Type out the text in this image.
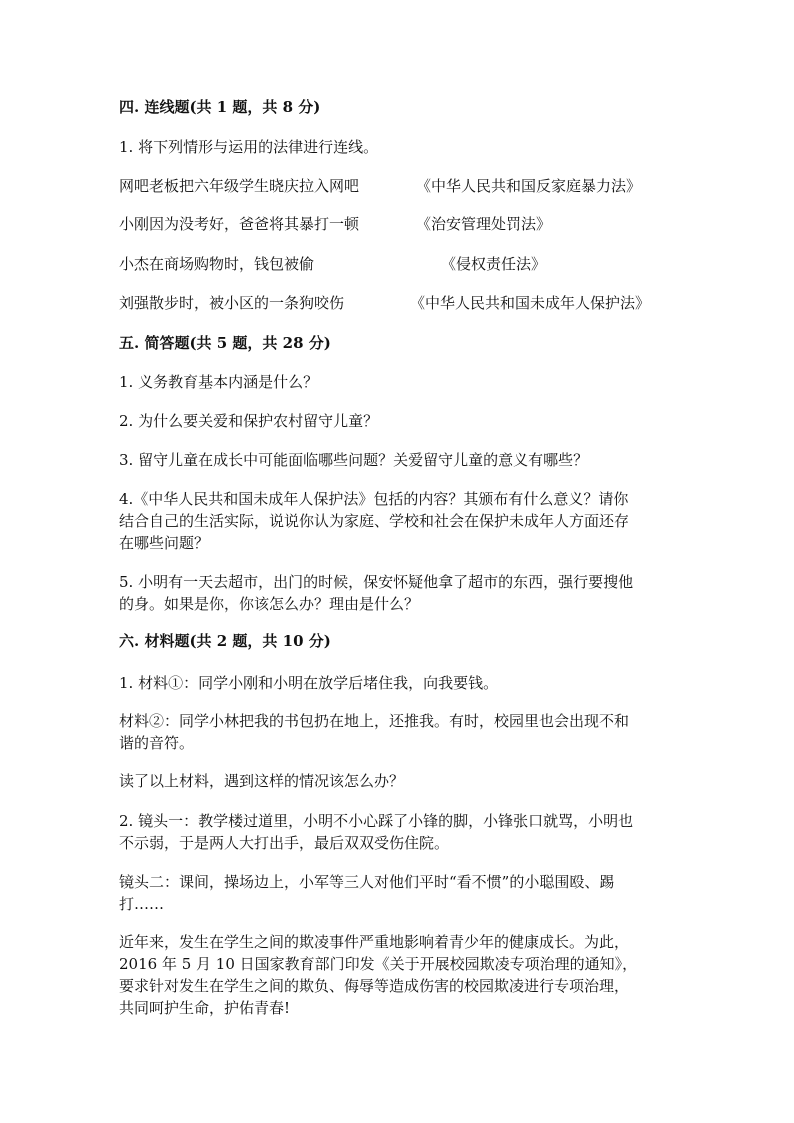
四. 连线题(共 1 题，共 8 分)
1. 将下列情形与运用的法律进行连线。
网吧老板把六年级学生晓庆拉入网吧	《中华人民共和国反家庭暴力法》
小刚因为没考好，爸爸将其暴打一顿	《治安管理处罚法》
小杰在商场购物时，钱包被偷	《侵权责任法》
刘强散步时，被小区的一条狗咬伤	《中华人民共和国未成年人保护法》
五. 简答题(共 5 题，共 28 分)
1. 义务教育基本内涵是什么？
2. 为什么要关爱和保护农村留守儿童？
3. 留守儿童在成长中可能面临哪些问题？关爱留守儿童的意义有哪些？
4.《中华人民共和国未成年人保护法》包括的内容？其颁布有什么意义？请你
结合自己的生活实际，说说你认为家庭、学校和社会在保护未成年人方面还存
在哪些问题？
5. 小明有一天去超市，出门的时候，保安怀疑他拿了超市的东西，强行要搜他
的身。如果是你，你该怎么办？理由是什么？
六. 材料题(共 2 题，共 10 分)
1. 材料①：同学小刚和小明在放学后堵住我，向我要钱。
材料②：同学小林把我的书包扔在地上，还推我。有时，校园里也会出现不和
谐的音符。
读了以上材料，遇到这样的情况该怎么办？
2. 镜头一：教学楼过道里，小明不小心踩了小锋的脚，小锋张口就骂，小明也
不示弱，于是两人大打出手，最后双双受伤住院。
镜头二：课间，操场边上，小军等三人对他们平时“看不惯”的小聪围殴、踢
打……
近年来，发生在学生之间的欺凌事件严重地影响着青少年的健康成长。为此，
2016 年 5 月 10 日国家教育部门印发《关于开展校园欺凌专项治理的通知》，
要求针对发生在学生之间的欺负、侮辱等造成伤害的校园欺凌进行专项治理，
共同呵护生命，护佑青春!
